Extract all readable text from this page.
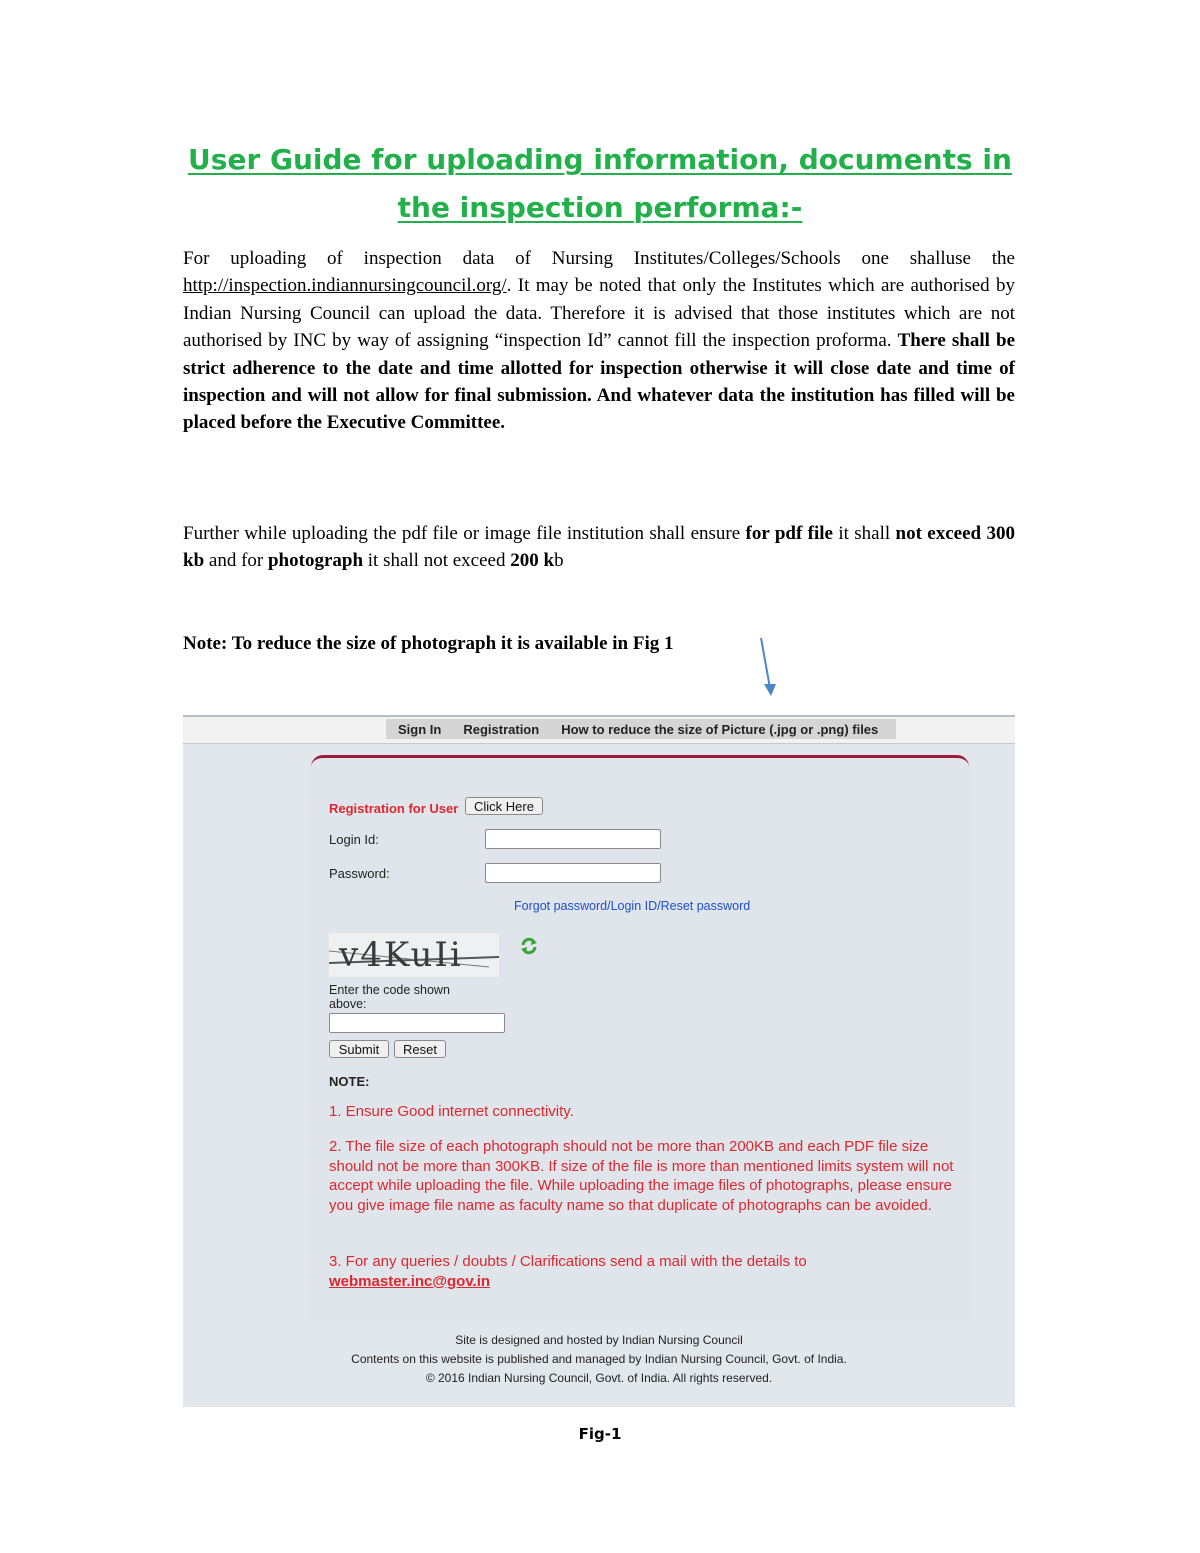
User Guide for uploading information, documents in
the inspection performa:-
For uploading of inspection data of Nursing Institutes/Colleges/Schools one shalluse the http://inspection.indiannursingcouncil.org/. It may be noted that only the Institutes which are authorised by Indian Nursing Council can upload the data. Therefore it is advised that those institutes which are not authorised by INC by way of assigning “inspection Id” cannot fill the inspection proforma. There shall be strict adherence to the date and time allotted for inspection otherwise it will close date and time of inspection and will not allow for final submission. And whatever data the institution has filled will be placed before the Executive Committee.
Further while uploading the pdf file or image file institution shall ensure for pdf file it shall not exceed 300 kb and for photograph it shall not exceed 200 kb
Note: To reduce the size of photograph it is available in Fig 1
Sign In Registration How to reduce the size of Picture (.jpg or .png) files
Registration for User	Click Here
Login Id:
Password:
Forgot password/Login ID/Reset password
v4KuIi
Enter the code shown above:
Submit	Reset
NOTE:
1. Ensure Good internet connectivity.
2. The file size of each photograph should not be more than 200KB and each PDF file size should not be more than 300KB. If size of the file is more than mentioned limits system will not accept while uploading the file. While uploading the image files of photographs, please ensure you give image file name as faculty name so that duplicate of photographs can be avoided.
3. For any queries / doubts / Clarifications send a mail with the details to
webmaster.inc@gov.in
Site is designed and hosted by Indian Nursing Council
Contents on this website is published and managed by Indian Nursing Council, Govt. of India.
© 2016 Indian Nursing Council, Govt. of India. All rights reserved.
Fig-1
